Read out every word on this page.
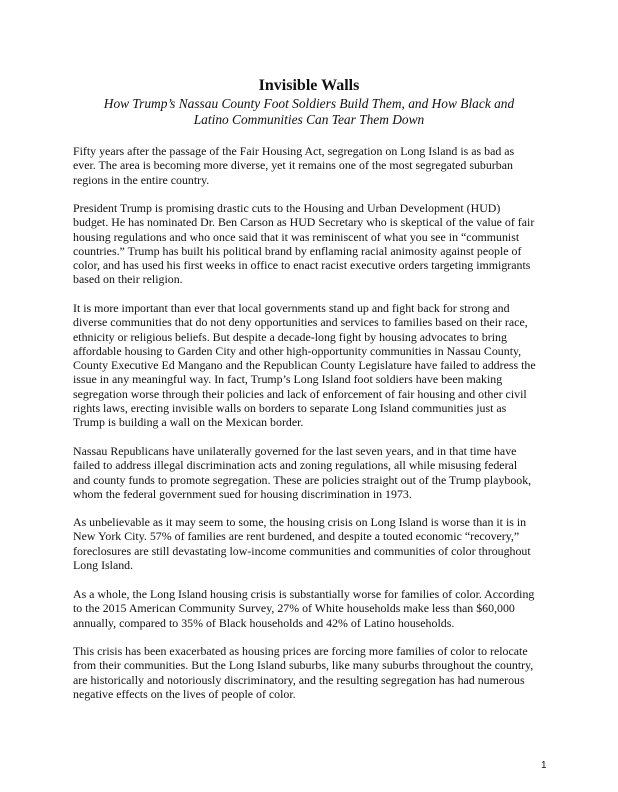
Invisible Walls

How Trump’s Nassau County Foot Soldiers Build Them, and How Black and
Latino Communities Can Tear Them Down

Fifty years after the passage of the Fair Housing Act, segregation on Long Island is as bad as
ever. The area is becoming more diverse, yet it remains one of the most segregated suburban
regions in the entire country.

President Trump is promising drastic cuts to the Housing and Urban Development (HUD)
budget. He has nominated Dr. Ben Carson as HUD Secretary who is skeptical of the value of fair
housing regulations and who once said that it was reminiscent of what you see in “communist
countries.” Trump has built his political brand by enflaming racial animosity against people of
color, and has used his first weeks in office to enact racist executive orders targeting immigrants
based on their religion.

It is more important than ever that local governments stand up and fight back for strong and
diverse communities that do not deny opportunities and services to families based on their race,
ethnicity or religious beliefs. But despite a decade-long fight by housing advocates to bring
affordable housing to Garden City and other high-opportunity communities in Nassau County,
County Executive Ed Mangano and the Republican County Legislature have failed to address the
issue in any meaningful way. In fact, Trump’s Long Island foot soldiers have been making
segregation worse through their policies and lack of enforcement of fair housing and other civil
rights laws, erecting invisible walls on borders to separate Long Island communities just as
Trump is building a wall on the Mexican border.

Nassau Republicans have unilaterally governed for the last seven years, and in that time have
failed to address illegal discrimination acts and zoning regulations, all while misusing federal
and county funds to promote segregation. These are policies straight out of the Trump playbook,
whom the federal government sued for housing discrimination in 1973.

As unbelievable as it may seem to some, the housing crisis on Long Island is worse than it is in
New York City. 57% of families are rent burdened, and despite a touted economic “recovery,”
foreclosures are still devastating low-income communities and communities of color throughout
Long Island.

As a whole, the Long Island housing crisis is substantially worse for families of color. According
to the 2015 American Community Survey, 27% of White households make less than $60,000
annually, compared to 35% of Black households and 42% of Latino households.

This crisis has been exacerbated as housing prices are forcing more families of color to relocate
from their communities. But the Long Island suburbs, like many suburbs throughout the country,
are historically and notoriously discriminatory, and the resulting segregation has had numerous
negative effects on the lives of people of color.

1
